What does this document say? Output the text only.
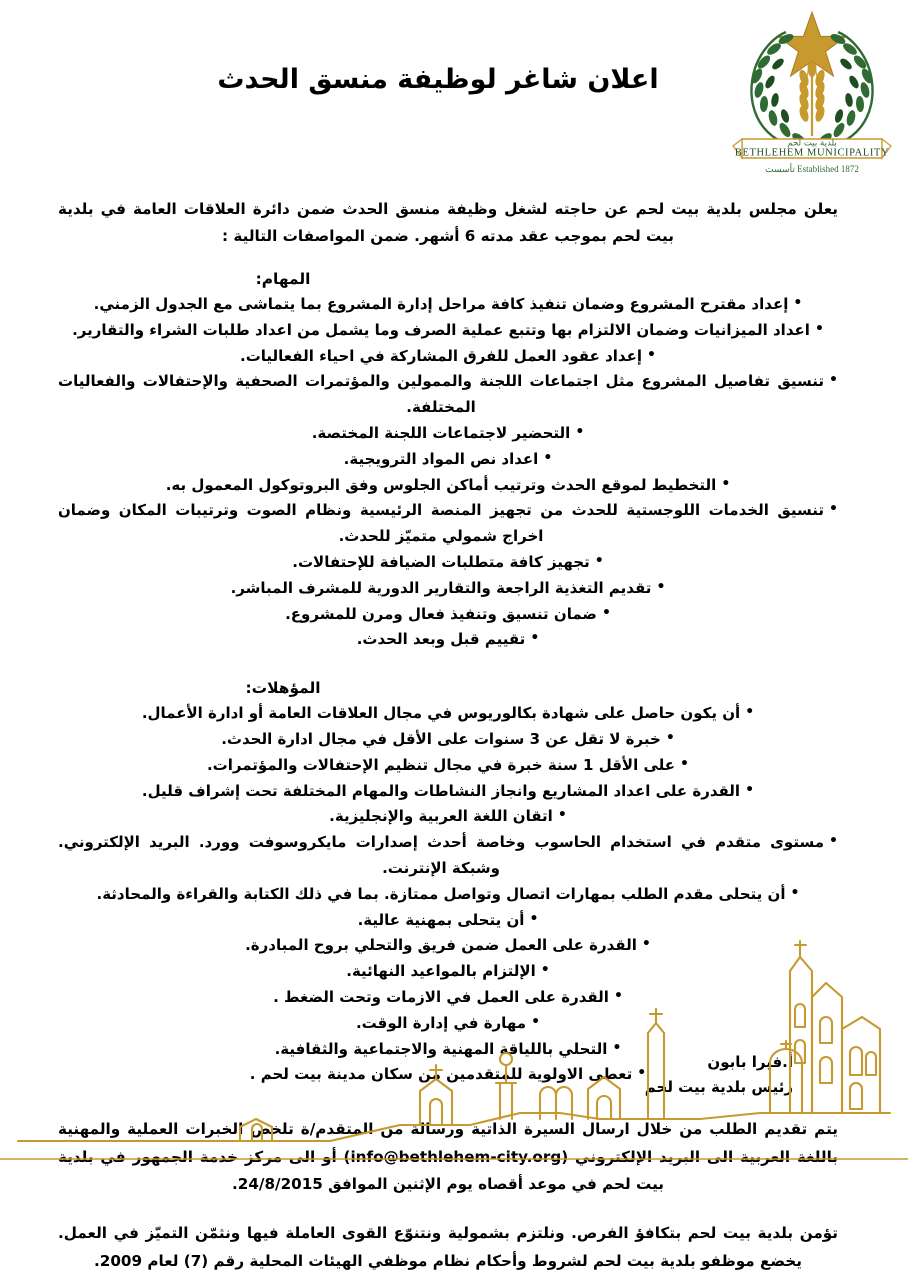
بلدية بيت لحم
BETHLEHEM MUNICIPALITY
Established 1872 تأسست
اعلان شاغر لوظيفة منسق الحدث

يعلن مجلس بلدية بيت لحم عن حاجته لشغل وظيفة منسق الحدث ضمن دائرة العلاقات العامة في بلدية بيت لحم بموجب عقد مدته 6 أشهر. ضمن المواصفات التالية :

المهام:
• إعداد مقترح المشروع وضمان تنفيذ كافة مراحل إدارة المشروع بما يتماشى مع الجدول الزمني.
• اعداد الميزانيات وضمان الالتزام بها وتتبع عملية الصرف وما يشمل من اعداد طلبات الشراء والتقارير.
• إعداد عقود العمل للفرق المشاركة في احياء الفعاليات.
• تنسيق تفاصيل المشروع مثل اجتماعات اللجنة والممولين والمؤتمرات الصحفية والإحتفالات والفعاليات المختلفة.
• التحضير لاجتماعات اللجنة المختصة.
• اعداد نص المواد الترويجية.
• التخطيط لموقع الحدث وترتيب أماكن الجلوس وفق البروتوكول المعمول به.
• تنسيق الخدمات اللوجستية للحدث من تجهيز المنصة الرئيسية ونظام الصوت وترتيبات المكان وضمان اخراج شمولي متميّز للحدث.
• تجهيز كافة متطلبات الضيافة للإحتفالات.
• تقديم التغذية الراجعة والتقارير الدورية للمشرف المباشر.
• ضمان تنسيق وتنفيذ فعال ومرن للمشروع.
• تقييم قبل وبعد الحدث.
المؤهلات:
• أن يكون حاصل على شهادة بكالوريوس في مجال العلاقات العامة أو ادارة الأعمال.
• خبرة لا تقل عن 3 سنوات على الأقل في مجال ادارة الحدث.
• على الأقل 1 سنة خبرة في مجال تنظيم الإحتفالات والمؤتمرات.
• القدرة على اعداد المشاريع وانجاز النشاطات والمهام المختلفة تحت إشراف قليل.
• اتقان اللغة العربية والإنجليزية.
• مستوى متقدم في استخدام الحاسوب وخاصة أحدث إصدارات مايكروسوفت وورد. البريد الإلكتروني. وشبكة الإنترنت.
• أن يتحلى مقدم الطلب بمهارات اتصال وتواصل ممتازة. بما في ذلك الكتابة والقراءة والمحادثة.
• أن يتحلى بمهنية عالية.
• القدرة على العمل ضمن فريق والتحلي بروح المبادرة.
• الإلتزام بالمواعيد النهائية.
• القدرة على العمل في الازمات وتحت الضغط .
• مهارة في إدارة الوقت.
• التحلي باللياقة المهنية والاجتماعية والثقافية.
• تعطى الاولوية للمتقدمين من سكان مدينة بيت لحم .

يتم تقديم الطلب من خلال ارسال السيرة الذاتية ورسالة من المتقدم/ة تلخص الخبرات العملية والمهنية باللغة العربية الى البريد الإلكتروني (info@bethlehem-city.org) أو الى مركز خدمة الجمهور في بلدية بيت لحم في موعد أقصاه يوم الإثنين الموافق 24/8/2015.

تؤمن بلدية بيت لحم بتكافؤ الفرص. ونلتزم بشمولية ونتنوّع القوى العاملة فيها ونثمّن التميّز في العمل. يخضع موظفو بلدية بيت لحم لشروط وأحكام نظام موظفي الهيئات المحلية رقم (7) لعام 2009.

أ.فيرا بابون
رئيس بلدية بيت لحم
